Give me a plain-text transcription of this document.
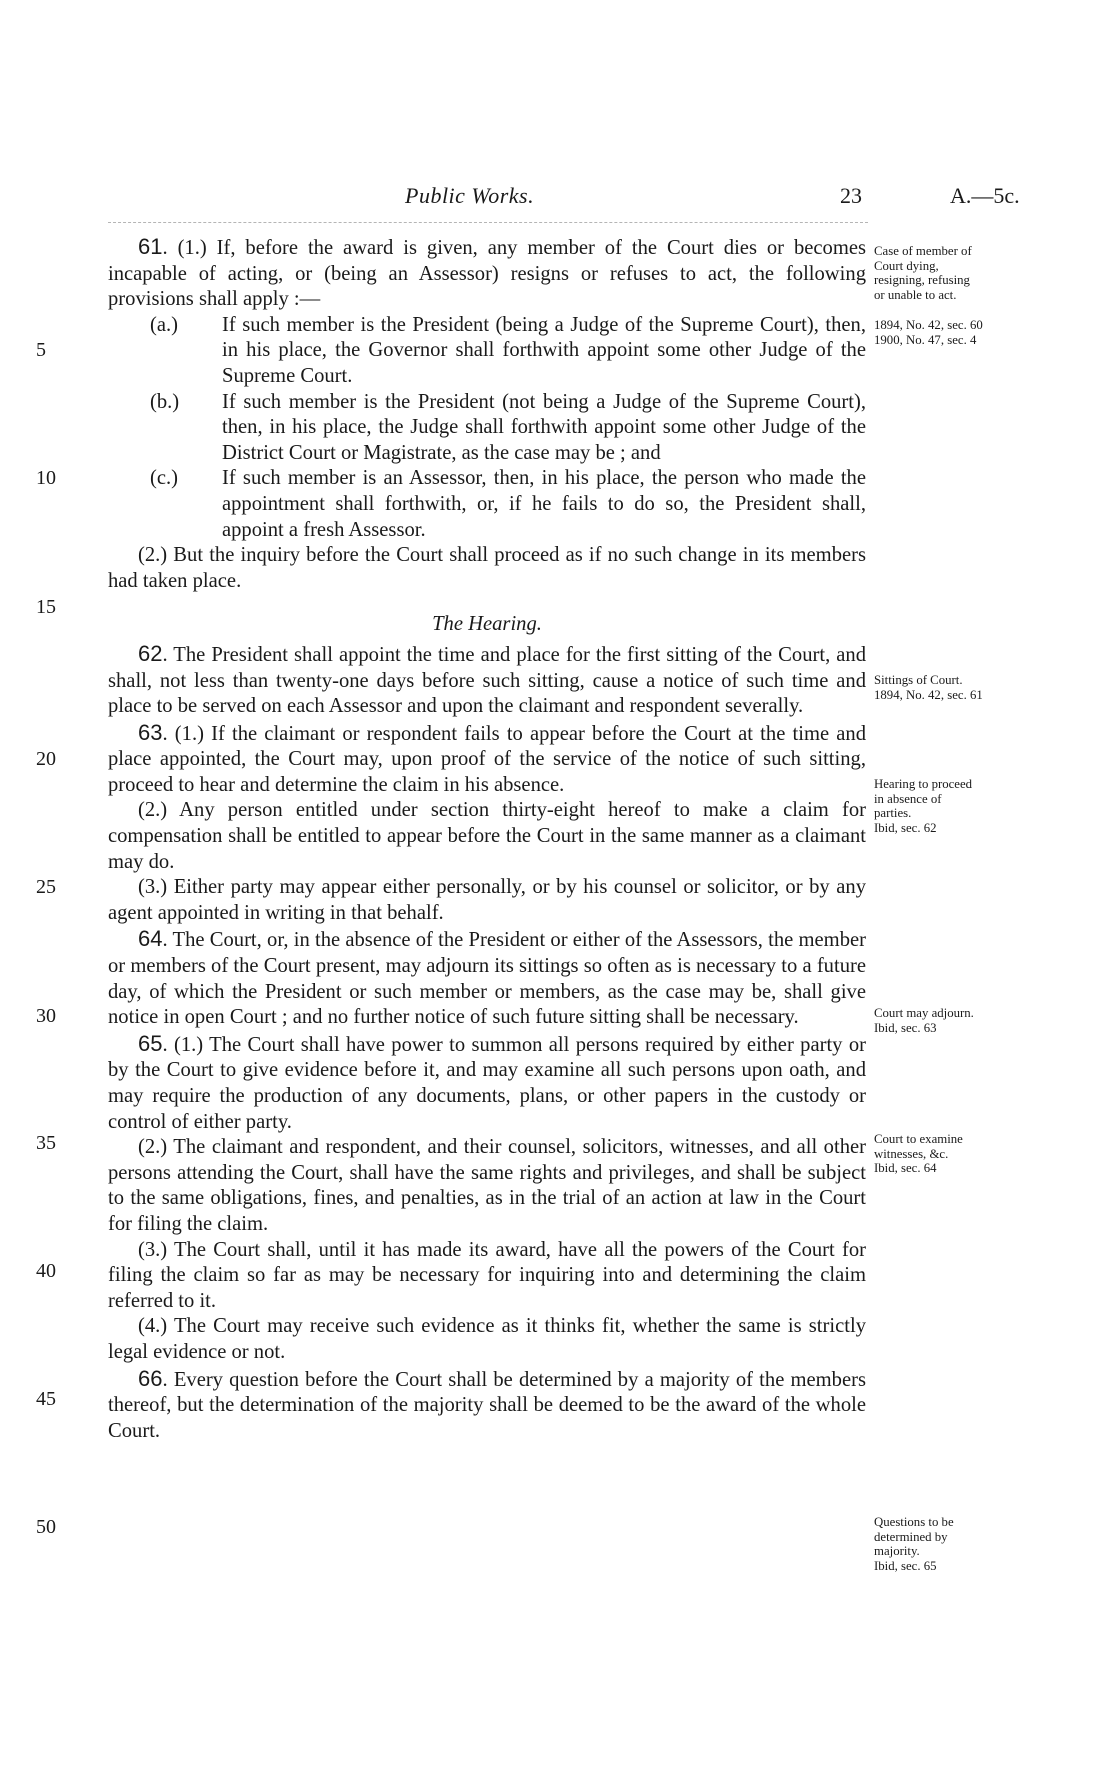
Public Works.	23	A.—5c.

61. (1.) If, before the award is given, any member of the Court dies or becomes incapable of acting, or (being an Assessor) resigns or refuses to act, the following provisions shall apply :—

(a.)	If such member is the President (being a Judge of the Supreme Court), then, in his place, the Governor shall forthwith appoint some other Judge of the Supreme Court.

(b.)	If such member is the President (not being a Judge of the Supreme Court), then, in his place, the Judge shall forthwith appoint some other Judge of the District Court or Magistrate, as the case may be ; and

(c.)	If such member is an Assessor, then, in his place, the person who made the appointment shall forthwith, or, if he fails to do so, the President shall, appoint a fresh Assessor.

(2.) But the inquiry before the Court shall proceed as if no such change in its members had taken place.

The Hearing.

62. The President shall appoint the time and place for the first sitting of the Court, and shall, not less than twenty-one days before such sitting, cause a notice of such time and place to be served on each Assessor and upon the claimant and respondent severally.

63. (1.) If the claimant or respondent fails to appear before the Court at the time and place appointed, the Court may, upon proof of the service of the notice of such sitting, proceed to hear and determine the claim in his absence.

(2.) Any person entitled under section thirty-eight hereof to make a claim for compensation shall be entitled to appear before the Court in the same manner as a claimant may do.

(3.) Either party may appear either personally, or by his counsel or solicitor, or by any agent appointed in writing in that behalf.

64. The Court, or, in the absence of the President or either of the Assessors, the member or members of the Court present, may adjourn its sittings so often as is necessary to a future day, of which the President or such member or members, as the case may be, shall give notice in open Court ; and no further notice of such future sitting shall be necessary.

65. (1.) The Court shall have power to summon all persons required by either party or by the Court to give evidence before it, and may examine all such persons upon oath, and may require the production of any documents, plans, or other papers in the custody or control of either party.

(2.) The claimant and respondent, and their counsel, solicitors, witnesses, and all other persons attending the Court, shall have the same rights and privileges, and shall be subject to the same obligations, fines, and penalties, as in the trial of an action at law in the Court for filing the claim.

(3.) The Court shall, until it has made its award, have all the powers of the Court for filing the claim so far as may be necessary for inquiring into and determining the claim referred to it.

(4.) The Court may receive such evidence as it thinks fit, whether the same is strictly legal evidence or not.

66. Every question before the Court shall be determined by a majority of the members thereof, but the determination of the majority shall be deemed to be the award of the whole Court.

5
10
15
20
25
30
35
40
45
50
Case of member of
Court dying,
resigning, refusing
or unable to act.
1894, No. 42, sec. 60
1900, No. 47, sec. 4
Sittings of Court.
1894, No. 42, sec. 61
Hearing to proceed
in absence of
parties.
Ibid, sec. 62
Court may adjourn.
Ibid, sec. 63
Court to examine
witnesses, &c.
Ibid, sec. 64
Questions to be
determined by
majority.
Ibid, sec. 65
